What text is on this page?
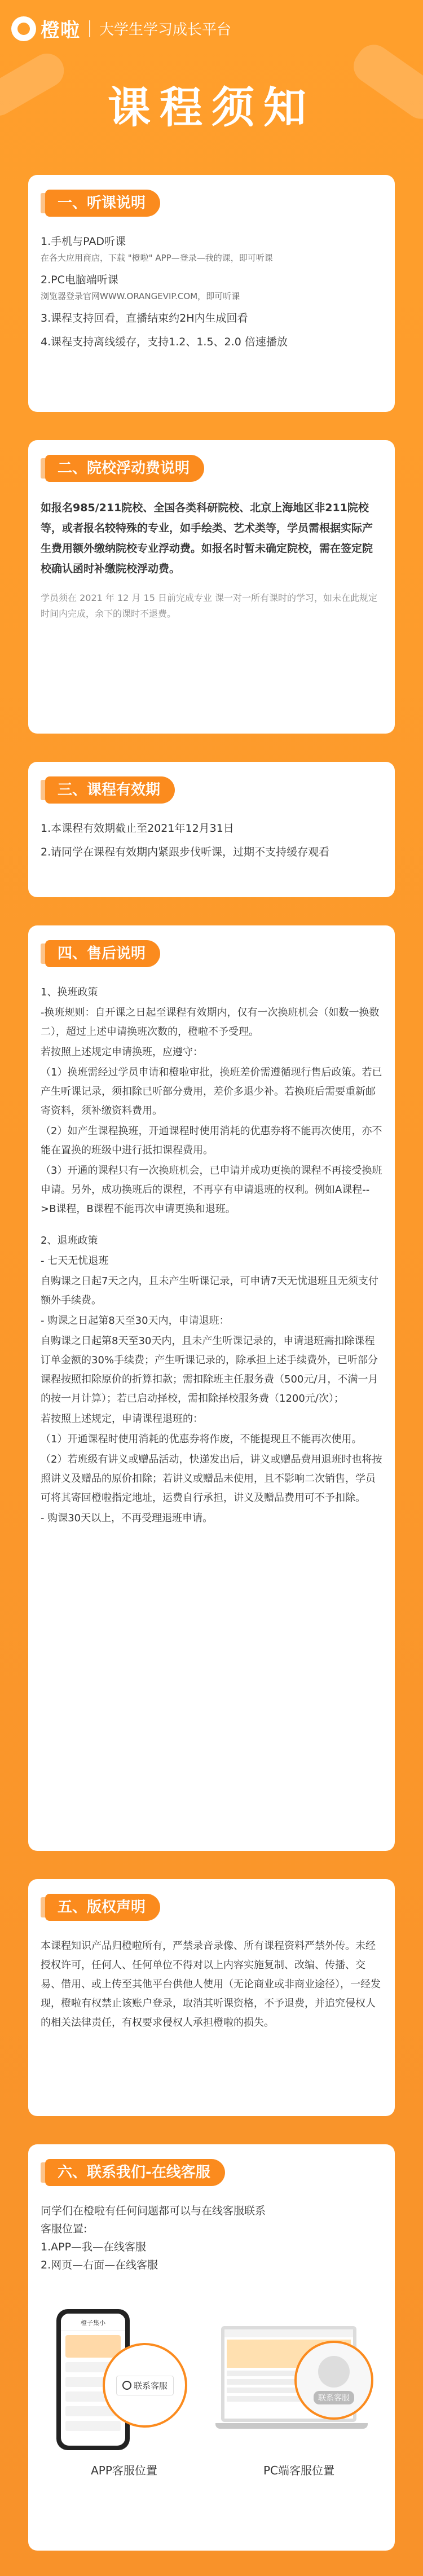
橙啦 大学生学习成长平台
课程须知
一、听课说明
1.手机与PAD听课
在各大应用商店，下载 "橙啦" APP—登录—我的课，即可听课
2.PC电脑端听课
浏览器登录官网WWW.ORANGEVIP.COM，即可听课
3.课程支持回看，直播结束约2H内生成回看
4.课程支持离线缓存，支持1.2、1.5、2.0 倍速播放
二、院校浮动费说明
如报名985/211院校、全国各类科研院校、北京上海地区非211院校等，或者报名较特殊的专业，如手绘类、艺术类等，学员需根据实际产生费用额外缴纳院校专业浮动费。如报名时暂未确定院校，需在签定院校确认函时补缴院校浮动费。
学员须在 2021 年 12 月 15 日前完成专业 课一对一所有课时的学习，如未在此规定时间内完成，余下的课时不退费。
三、课程有效期
1.本课程有效期截止至2021年12月31日
2.请同学在课程有效期内紧跟步伐听课，过期不支持缓存观看
四、售后说明
1、换班政策
-换班规则：自开课之日起至课程有效期内，仅有一次换班机会（如数一换数二），超过上述申请换班次数的，橙啦不予受理。
若按照上述规定申请换班，应遵守：
（1）换班需经过学员申请和橙啦审批，换班差价需遵循现行售后政策。若已产生听课记录，须扣除已听部分费用，差价多退少补。若换班后需要重新邮寄资料，须补缴资料费用。
（2）如产生课程换班，开通课程时使用消耗的优惠券将不能再次使用，亦不能在置换的班级中进行抵扣课程费用。
（3）开通的课程只有一次换班机会，已申请并成功更换的课程不再接受换班申请。另外，成功换班后的课程，不再享有申请退班的权利。例如A课程-->B课程，B课程不能再次申请更换和退班。
2、退班政策
- 七天无忧退班
自购课之日起7天之内，且未产生听课记录，可申请7天无忧退班且无须支付额外手续费。
- 购课之日起第8天至30天内，申请退班：
自购课之日起第8天至30天内，且未产生听课记录的，申请退班需扣除课程订单金额的30%手续费；产生听课记录的，除承担上述手续费外，已听部分课程按照扣除原价的折算扣款；需扣除班主任服务费（500元/月，不满一月的按一月计算）；若已启动择校，需扣除择校服务费（1200元/次）；
若按照上述规定，申请课程退班的：
（1）开通课程时使用消耗的优惠券将作废，不能提现且不能再次使用。
（2）若班级有讲义或赠品活动，快递发出后，讲义或赠品费用退班时也将按照讲义及赠品的原价扣除；若讲义或赠品未使用，且不影响二次销售，学员可将其寄回橙啦指定地址，运费自行承担，讲义及赠品费用可不予扣除。
- 购课30天以上，不再受理退班申请。
五、版权声明
本课程知识产品归橙啦所有，严禁录音录像、所有课程资料严禁外传。未经授权许可，任何人、任何单位不得对以上内容实施复制、改编、传播、交易、借用、或上传至其他平台供他人使用（无论商业或非商业途径），一经发现，橙啦有权禁止该账户登录，取消其听课资格，不予退费，并追究侵权人的相关法律责任，有权要求侵权人承担橙啦的损失。
六、联系我们-在线客服
同学们在橙啦有任何问题都可以与在线客服联系
客服位置:
1.APP—我—在线客服
2.网页—右面—在线客服
橙子集小
联系客服
APP客服位置
联系客服
PC端客服位置
